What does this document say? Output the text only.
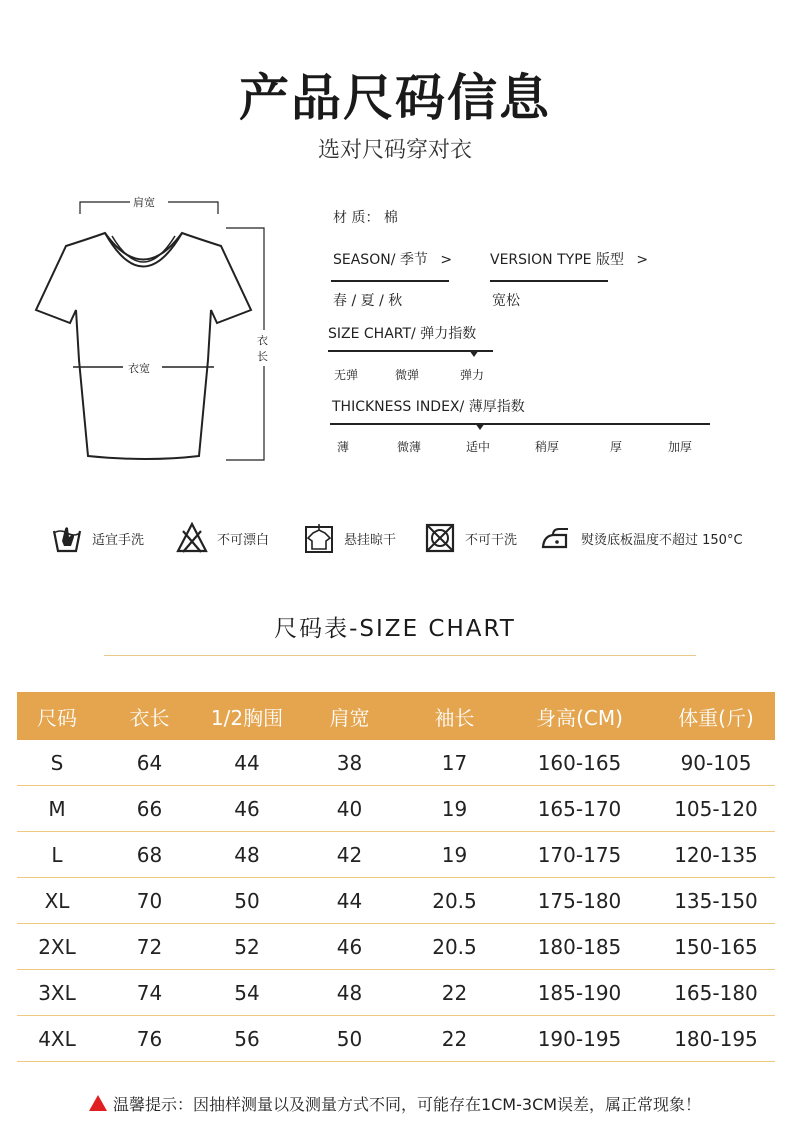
产品尺码信息
选对尺码穿对衣
肩宽
衣宽
衣
长
材 质： 棉
SEASON/ 季节 >
春 / 夏 / 秋
VERSION TYPE 版型 >
宽松
SIZE CHART/ 弹力指数
无弹	微弹	弹力
THICKNESS INDEX/ 薄厚指数
薄	微薄	适中	稍厚	厚	加厚
适宜手洗	不可漂白	悬挂晾干	不可干洗	熨烫底板温度不超过 150°C
尺码表-SIZE CHART
尺码	衣长	1/2胸围	肩宽	袖长	身高(CM)	体重(斤)
S	64	44	38	17	160-165	90-105
M	66	46	40	19	165-170	105-120
L	68	48	42	19	170-175	120-135
XL	70	50	44	20.5	175-180	135-150
2XL	72	52	46	20.5	180-185	150-165
3XL	74	54	48	22	185-190	165-180
4XL	76	56	50	22	190-195	180-195
温馨提示：因抽样测量以及测量方式不同，可能存在1CM-3CM误差，属正常现象！
